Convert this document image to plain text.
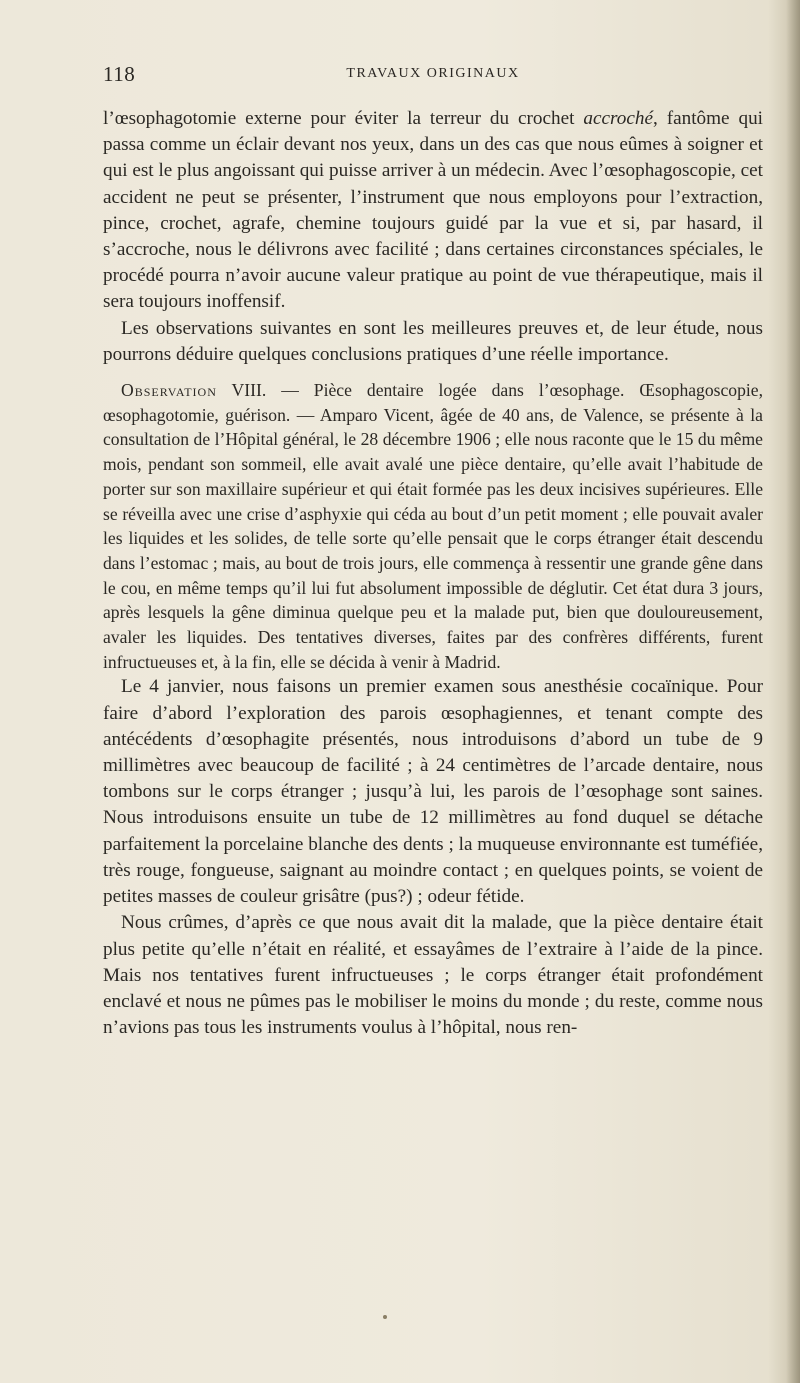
118	TRAVAUX ORIGINAUX

l’œsophagotomie externe pour éviter la terreur du crochet accroché, fantôme qui passa comme un éclair devant nos yeux, dans un des cas que nous eûmes à soigner et qui est le plus angoissant qui puisse arriver à un médecin. Avec l’œsophagoscopie, cet accident ne peut se présenter, l’instrument que nous employons pour l’extraction, pince, crochet, agrafe, chemine toujours guidé par la vue et si, par hasard, il s’accroche, nous le délivrons avec facilité ; dans certaines circonstances spéciales, le procédé pourra n’avoir aucune valeur pratique au point de vue thérapeutique, mais il sera toujours inoffensif.

Les observations suivantes en sont les meilleures preuves et, de leur étude, nous pourrons déduire quelques conclusions pratiques d’une réelle importance.

Observation VIII. — Pièce dentaire logée dans l’œsophage. Œsophagoscopie, œsophagotomie, guérison. — Amparo Vicent, âgée de 40 ans, de Valence, se présente à la consultation de l’Hôpital général, le 28 décembre 1906 ; elle nous raconte que le 15 du même mois, pendant son sommeil, elle avait avalé une pièce dentaire, qu’elle avait l’habitude de porter sur son maxillaire supérieur et qui était formée pas les deux incisives supérieures. Elle se réveilla avec une crise d’asphyxie qui céda au bout d’un petit moment ; elle pouvait avaler les liquides et les solides, de telle sorte qu’elle pensait que le corps étranger était descendu dans l’estomac ; mais, au bout de trois jours, elle commença à ressentir une grande gêne dans le cou, en même temps qu’il lui fut absolument impossible de déglutir. Cet état dura 3 jours, après lesquels la gêne diminua quelque peu et la malade put, bien que douloureusement, avaler les liquides. Des tentatives diverses, faites par des confrères différents, furent infructueuses et, à la fin, elle se décida à venir à Madrid.

Le 4 janvier, nous faisons un premier examen sous anesthésie cocaïnique. Pour faire d’abord l’exploration des parois œsophagiennes, et tenant compte des antécédents d’œsophagite présentés, nous introduisons d’abord un tube de 9 millimètres avec beaucoup de facilité ; à 24 centimètres de l’arcade dentaire, nous tombons sur le corps étranger ; jusqu’à lui, les parois de l’œsophage sont saines. Nous introduisons ensuite un tube de 12 millimètres au fond duquel se détache parfaitement la porcelaine blanche des dents ; la muqueuse environnante est tuméfiée, très rouge, fongueuse, saignant au moindre contact ; en quelques points, se voient de petites masses de couleur grisâtre (pus?) ; odeur fétide.

Nous crûmes, d’après ce que nous avait dit la malade, que la pièce dentaire était plus petite qu’elle n’était en réalité, et essayâmes de l’extraire à l’aide de la pince. Mais nos tentatives furent infructueuses ; le corps étranger était profondément enclavé et nous ne pûmes pas le mobiliser le moins du monde ; du reste, comme nous n’avions pas tous les instruments voulus à l’hôpital, nous ren-
